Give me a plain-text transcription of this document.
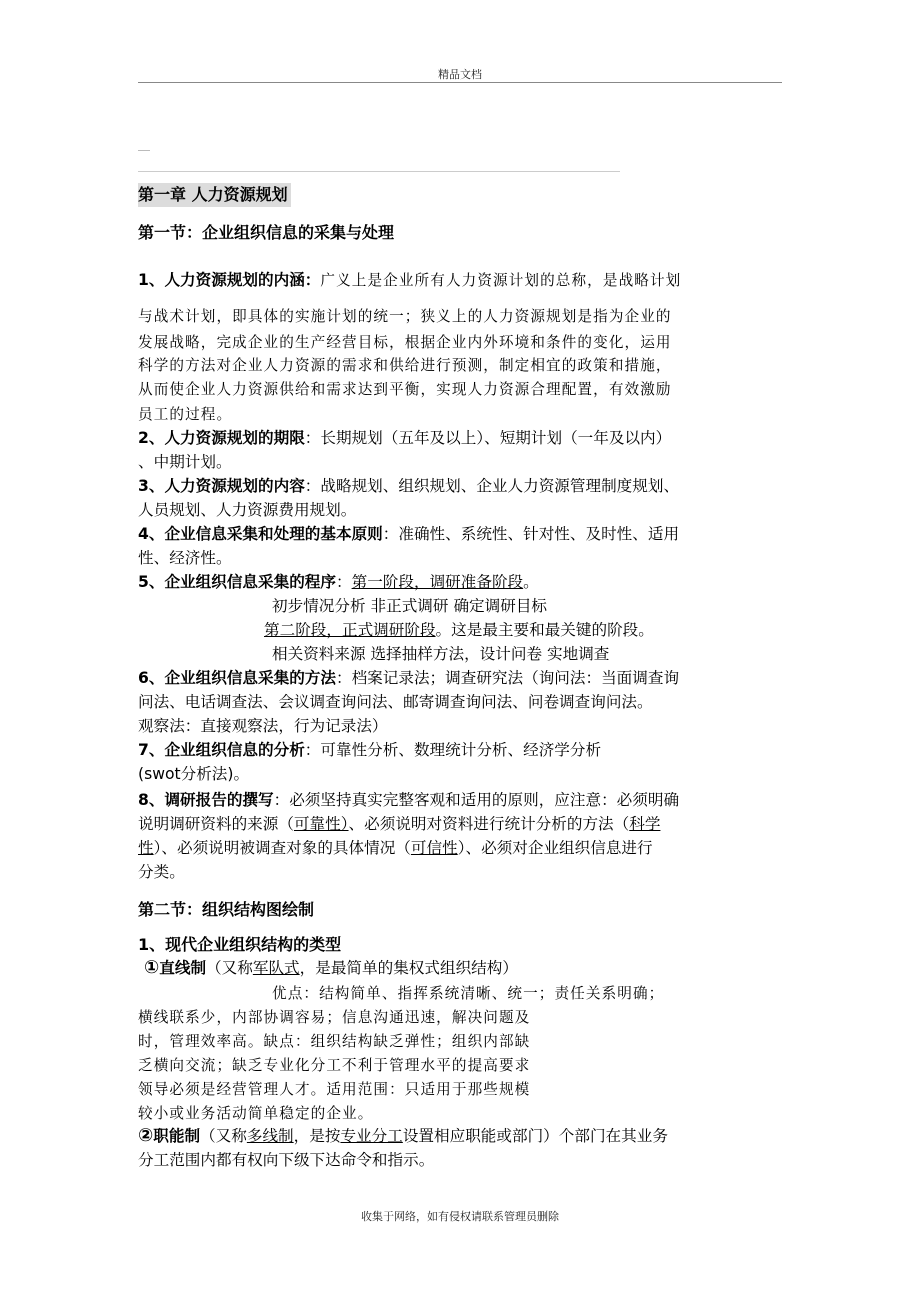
精品文档
第一章 人力资源规划
第一节：企业组织信息的采集与处理
1、人力资源规划的内涵：广义上是企业所有人力资源计划的总称，是战略计划
与战术计划，即具体的实施计划的统一；狭义上的人力资源规划是指为企业的
发展战略，完成企业的生产经营目标，根据企业内外环境和条件的变化，运用
科学的方法对企业人力资源的需求和供给进行预测，制定相宜的政策和措施，
从而使企业人力资源供给和需求达到平衡，实现人力资源合理配置，有效激励
员工的过程。
2、人力资源规划的期限：长期规划（五年及以上）、短期计划（一年及以内）
、中期计划。
3、人力资源规划的内容：战略规划、组织规划、企业人力资源管理制度规划、
人员规划、人力资源费用规划。
4、企业信息采集和处理的基本原则：准确性、系统性、针对性、及时性、适用
性、经济性。
5、企业组织信息采集的程序：第一阶段，调研准备阶段。
初步情况分析 非正式调研 确定调研目标
第二阶段，正式调研阶段。这是最主要和最关键的阶段。
相关资料来源 选择抽样方法，设计问卷 实地调查
6、企业组织信息采集的方法：档案记录法；调查研究法（询问法：当面调查询
问法、电话调查法、会议调查询问法、邮寄调查询问法、问卷调查询问法。
观察法：直接观察法，行为记录法）
7、企业组织信息的分析：可靠性分析、数理统计分析、经济学分析
(swot分析法)。
8、调研报告的撰写：必须坚持真实完整客观和适用的原则，应注意：必须明确
说明调研资料的来源（可靠性）、必须说明对资料进行统计分析的方法（科学
性）、必须说明被调查对象的具体情况（可信性）、必须对企业组织信息进行
分类。
第二节：组织结构图绘制
1、现代企业组织结构的类型
①直线制（又称军队式，是最简单的集权式组织结构）
优点：结构简单、指挥系统清晰、统一；责任关系明确；
横线联系少，内部协调容易；信息沟通迅速，解决问题及
时，管理效率高。缺点：组织结构缺乏弹性；组织内部缺
乏横向交流；缺乏专业化分工不利于管理水平的提高要求
领导必须是经营管理人才。适用范围：只适用于那些规模
较小或业务活动简单稳定的企业。
②职能制（又称多线制，是按专业分工设置相应职能或部门）个部门在其业务
分工范围内都有权向下级下达命令和指示。
收集于网络，如有侵权请联系管理员删除
